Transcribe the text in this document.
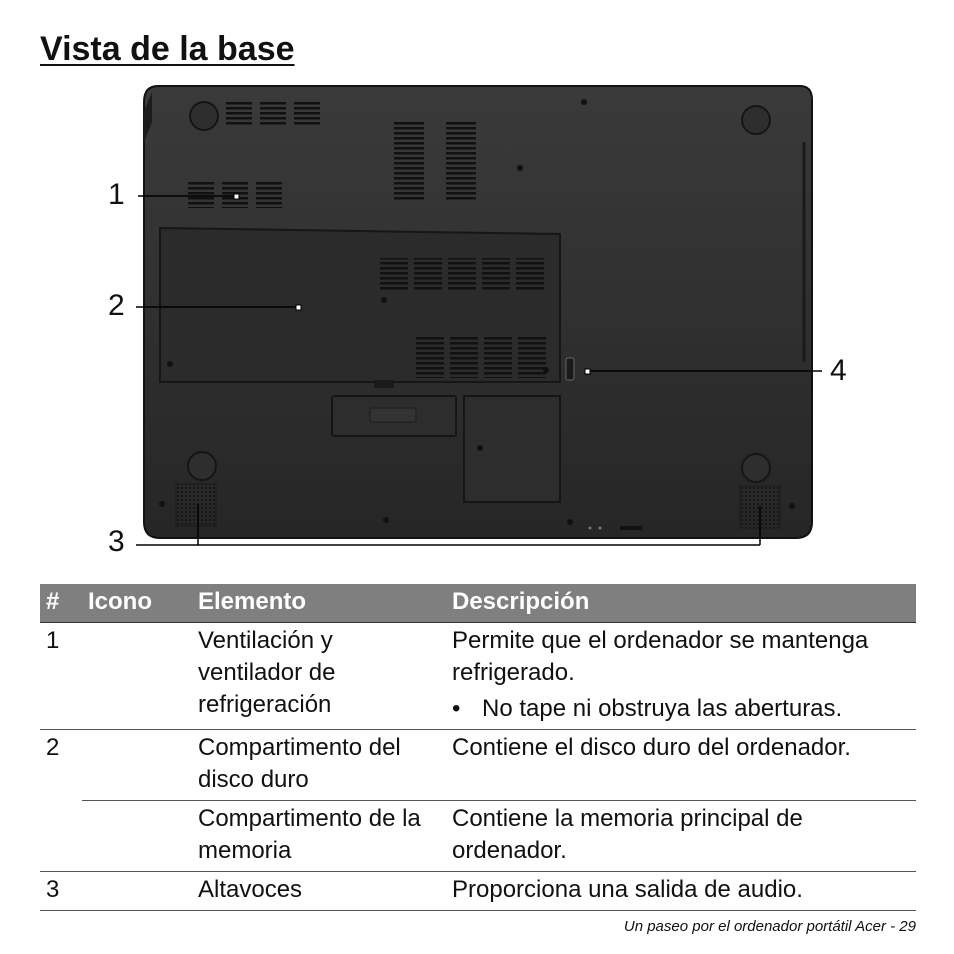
Vista de la base
1
2
3
4
#	Icono	Elemento	Descripción
1		Ventilación y ventilador de refrigeración	Permite que el ordenador se mantenga refrigerado.
• No tape ni obstruya las aberturas.

2		Compartimento del disco duro	Contiene el disco duro del ordenador.
		Compartimento de la memoria	Contiene la memoria principal de ordenador.
3		Altavoces	Proporciona una salida de audio.
Un paseo por el ordenador portátil Acer - 29
